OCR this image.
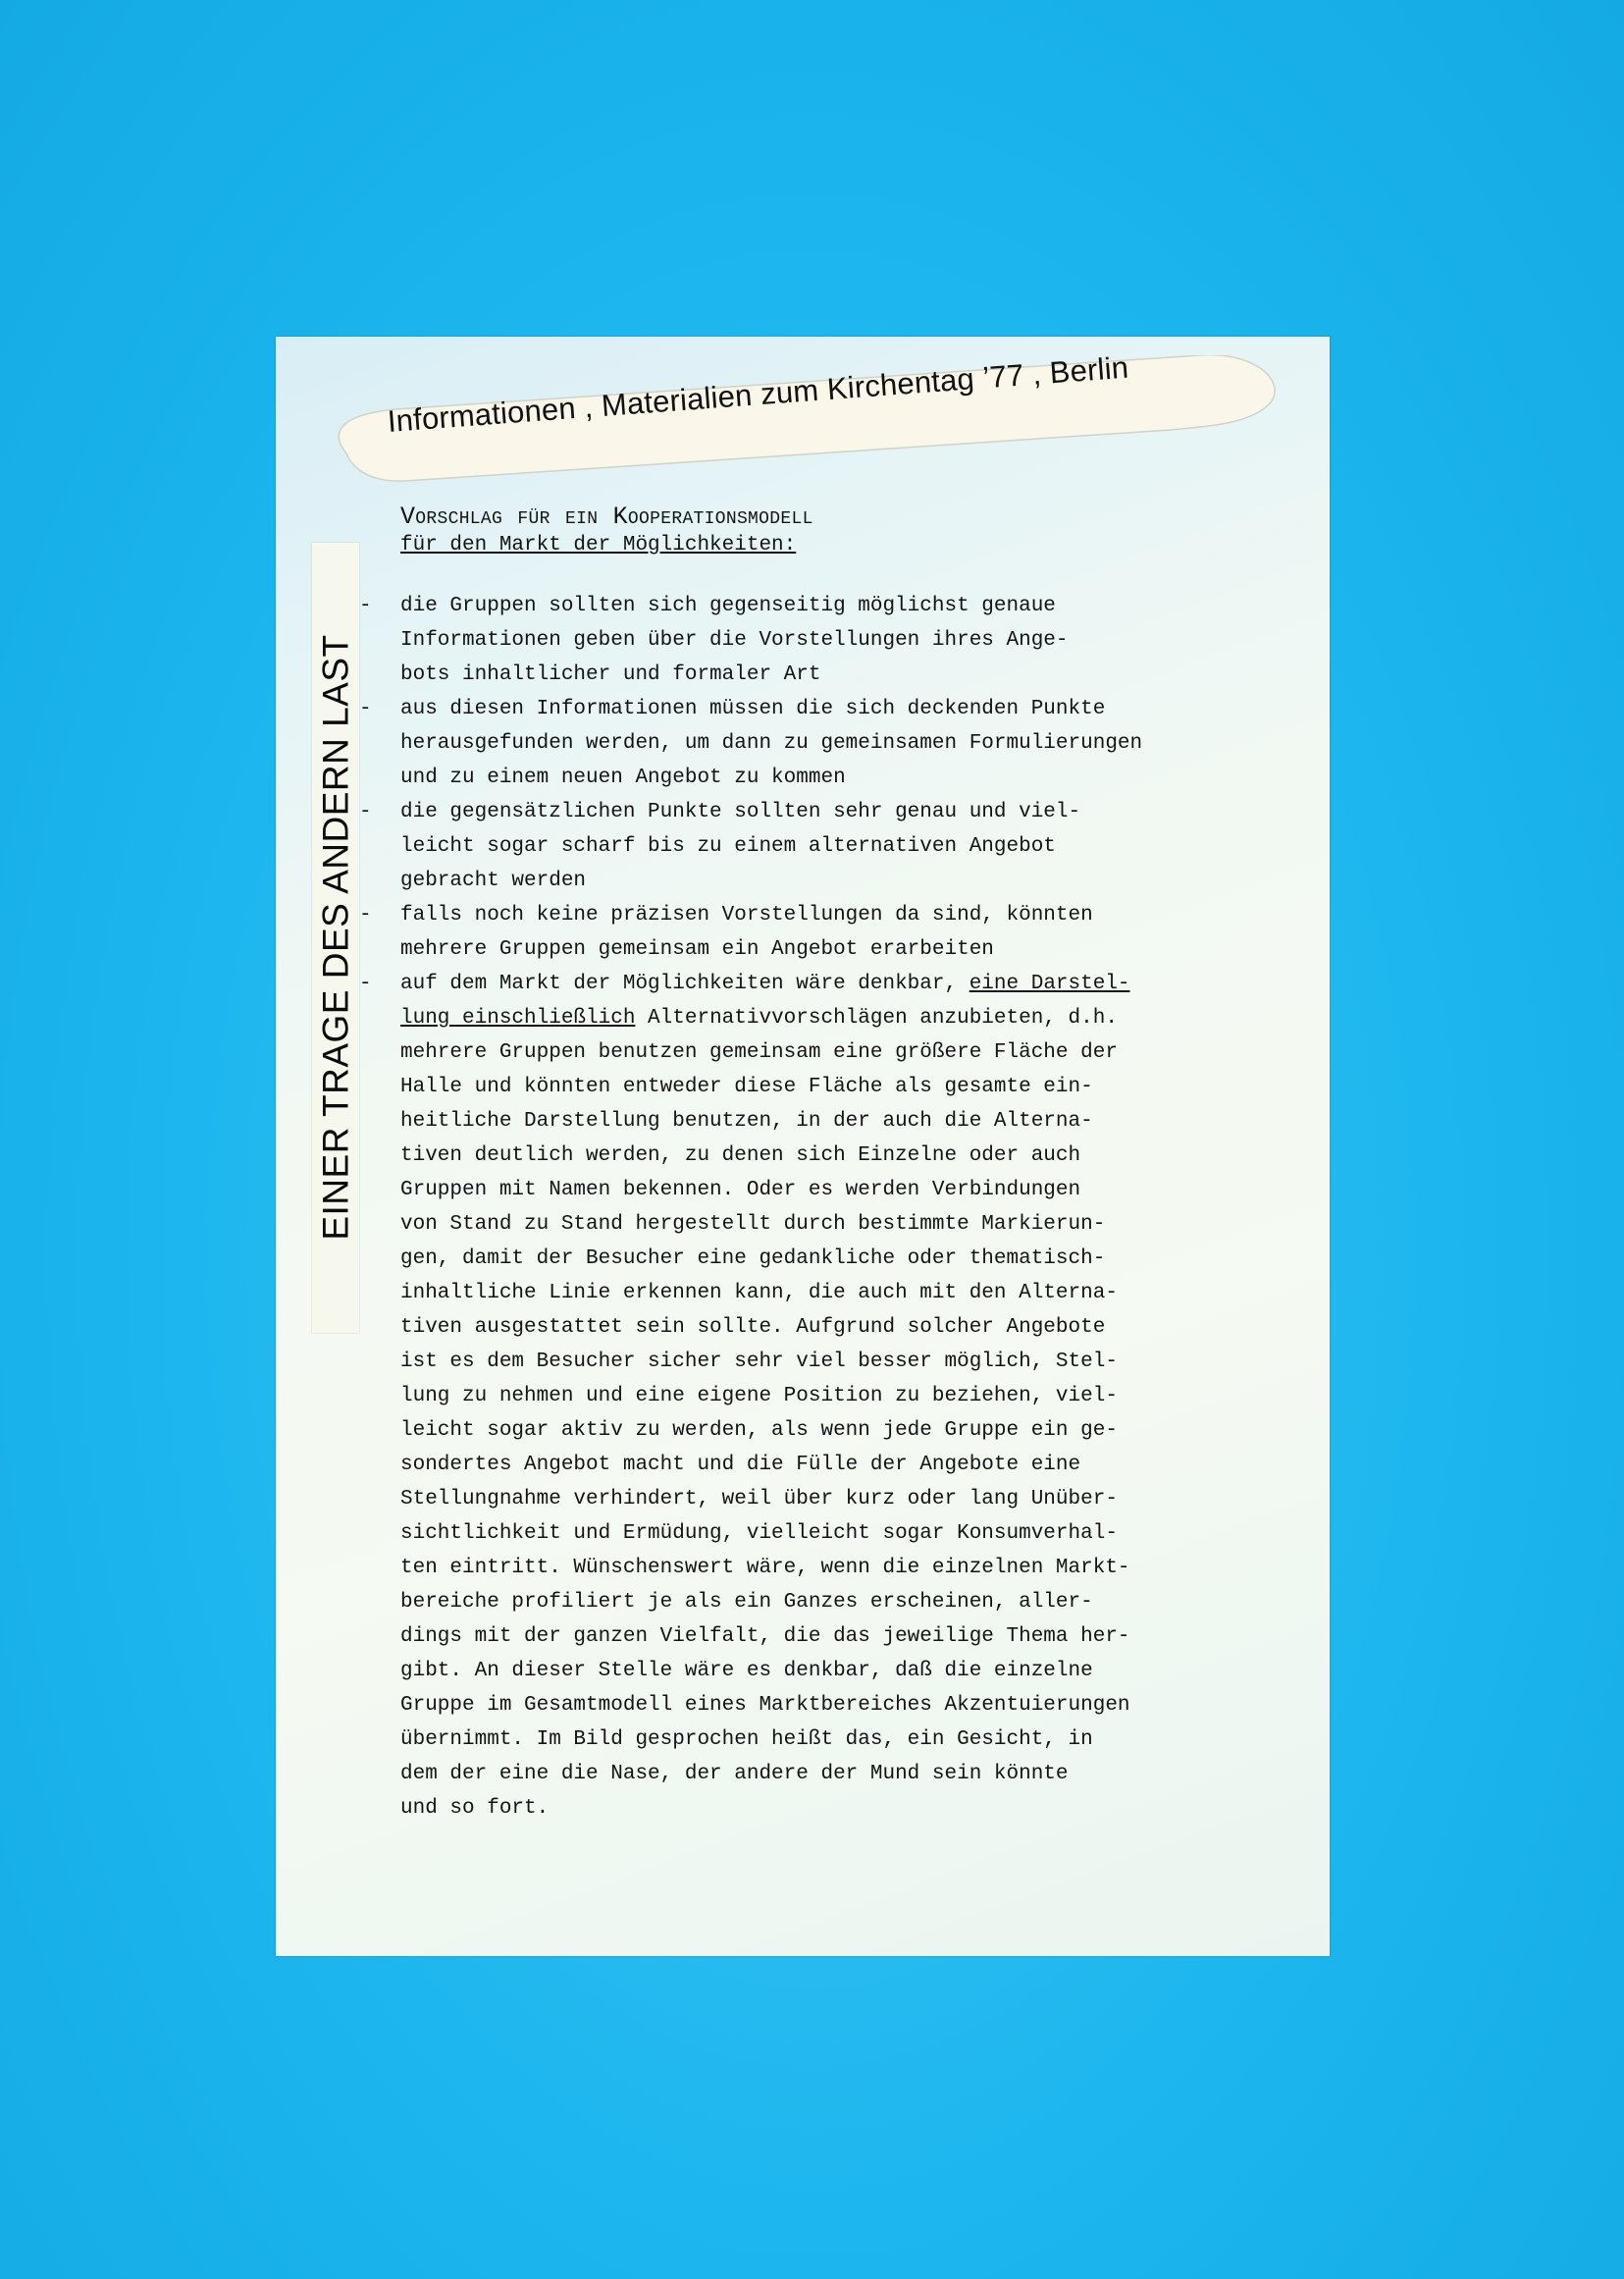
Informationen , Materialien zum Kirchentag ’77 , Berlin
EINER TRAGE DES ANDERN LAST

Vorschlag für ein Kooperationsmodell

für den Markt der Möglichkeiten:

- die Gruppen sollten sich gegenseitig möglichst genaue

Informationen geben über die Vorstellungen ihres Ange-

bots inhaltlicher und formaler Art

- aus diesen Informationen müssen die sich deckenden Punkte

herausgefunden werden, um dann zu gemeinsamen Formulierungen

und zu einem neuen Angebot zu kommen

- die gegensätzlichen Punkte sollten sehr genau und viel-

leicht sogar scharf bis zu einem alternativen Angebot

gebracht werden

- falls noch keine präzisen Vorstellungen da sind, könnten

mehrere Gruppen gemeinsam ein Angebot erarbeiten

- auf dem Markt der Möglichkeiten wäre denkbar, eine Darstel-

lung einschließlich Alternativvorschlägen anzubieten, d.h.

mehrere Gruppen benutzen gemeinsam eine größere Fläche der

Halle und könnten entweder diese Fläche als gesamte ein-

heitliche Darstellung benutzen, in der auch die Alterna-

tiven deutlich werden, zu denen sich Einzelne oder auch

Gruppen mit Namen bekennen. Oder es werden Verbindungen

von Stand zu Stand hergestellt durch bestimmte Markierun-

gen, damit der Besucher eine gedankliche oder thematisch-

inhaltliche Linie erkennen kann, die auch mit den Alterna-

tiven ausgestattet sein sollte. Aufgrund solcher Angebote

ist es dem Besucher sicher sehr viel besser möglich, Stel-

lung zu nehmen und eine eigene Position zu beziehen, viel-

leicht sogar aktiv zu werden, als wenn jede Gruppe ein ge-

sondertes Angebot macht und die Fülle der Angebote eine

Stellungnahme verhindert, weil über kurz oder lang Unüber-

sichtlichkeit und Ermüdung, vielleicht sogar Konsumverhal-

ten eintritt. Wünschenswert wäre, wenn die einzelnen Markt-

bereiche profiliert je als ein Ganzes erscheinen, aller-

dings mit der ganzen Vielfalt, die das jeweilige Thema her-

gibt. An dieser Stelle wäre es denkbar, daß die einzelne

Gruppe im Gesamtmodell eines Marktbereiches Akzentuierungen

übernimmt. Im Bild gesprochen heißt das, ein Gesicht, in

dem der eine die Nase, der andere der Mund sein könnte

und so fort.
